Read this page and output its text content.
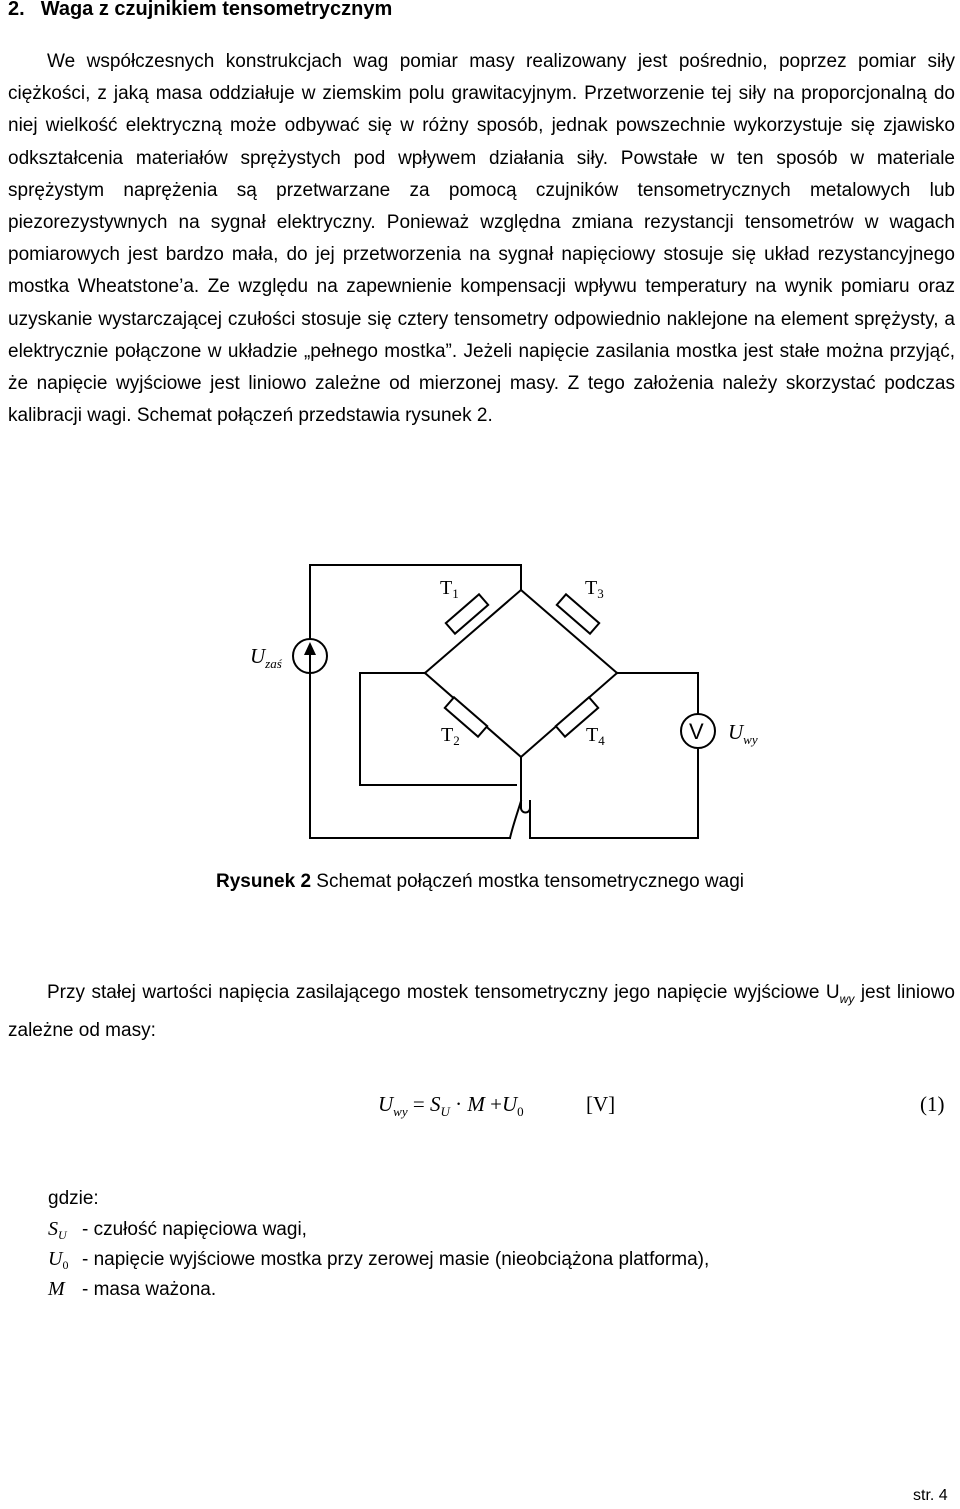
2. Waga z czujnikiem tensometrycznym

We współczesnych konstrukcjach wag pomiar masy realizowany jest pośrednio, poprzez pomiar siły ciężkości, z jaką masa oddziałuje w ziemskim polu grawitacyjnym. Przetworzenie tej siły na proporcjonalną do niej wielkość elektryczną może odbywać się w różny sposób, jednak powszechnie wykorzystuje się zjawisko odkształcenia materiałów sprężystych pod wpływem działania siły. Powstałe w ten sposób w materiale sprężystym naprężenia są przetwarzane za pomocą czujników tensometrycznych metalowych lub piezorezystywnych na sygnał elektryczny. Ponieważ względna zmiana rezystancji tensometrów w wagach pomiarowych jest bardzo mała, do jej przetworzenia na sygnał napięciowy stosuje się układ rezystancyjnego mostka Wheatstone’a. Ze względu na zapewnienie kompensacji wpływu temperatury na wynik pomiaru oraz uzyskanie wystarczającej czułości stosuje się cztery tensometry odpowiednio naklejone na element sprężysty, a elektrycznie połączone w układzie „pełnego mostka”. Jeżeli napięcie zasilania mostka jest stałe można przyjąć, że napięcie wyjściowe jest liniowo zależne od mierzonej masy. Z tego założenia należy skorzystać podczas kalibracji wagi. Schemat połączeń przedstawia rysunek 2.

$T_1$	$T_3$
$T_2$	$T_4$
$U_{zaś}$
V $U_{wy}$

Rysunek 2 Schemat połączeń mostka tensometrycznego wagi

Przy stałej wartości napięcia zasilającego mostek tensometryczny jego napięcie wyjściowe $U_{wy}$ jest liniowo zależne od masy:

$U_{wy} = S_U \cdot M +U_0$	[V]	(1)

gdzie:

$S_U$ - czułość napięciowa wagi,
$U_0$ - napięcie wyjściowe mostka przy zerowej masie (nieobciążona platforma),
M - masa ważona.
str. 4
